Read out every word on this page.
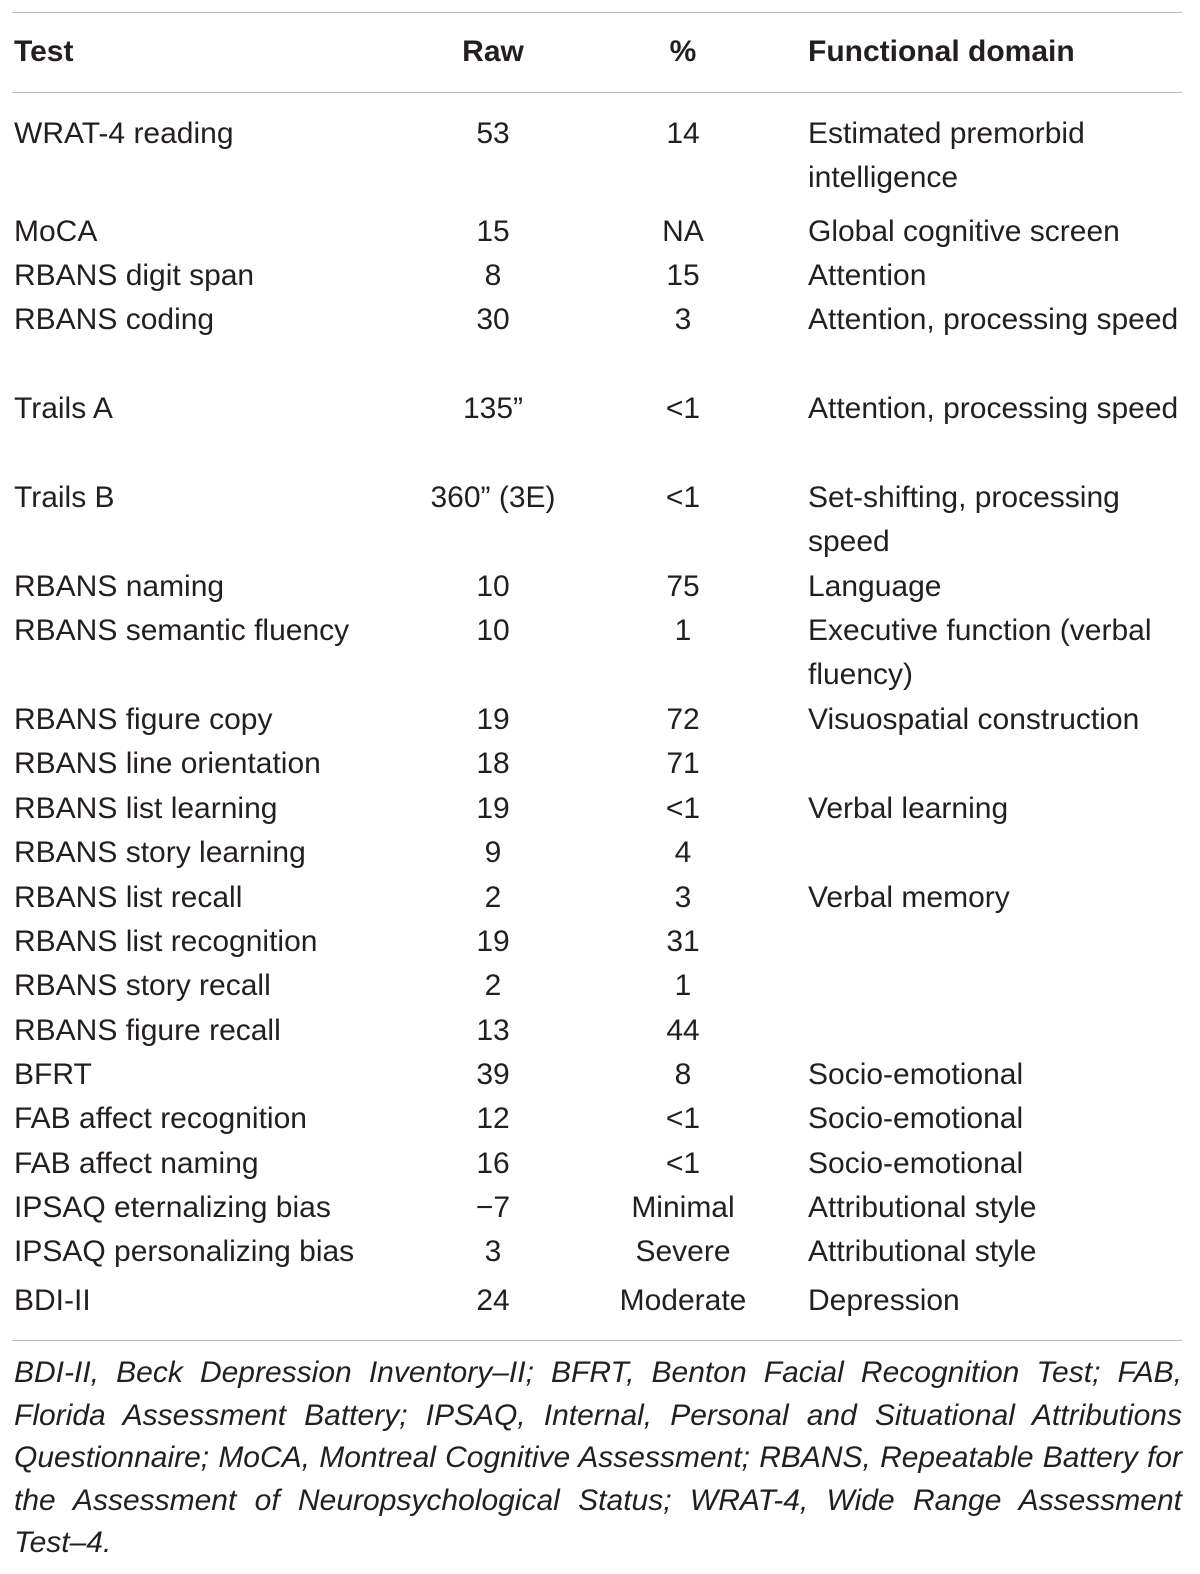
Test	Raw	%	Functional domain
WRAT-4 reading	53	14	Estimated premorbid intelligence
MoCA	15	NA	Global cognitive screen
RBANS digit span	8	15	Attention
RBANS coding	30	3	Attention, processing speed
Trails A	135”	<1	Attention, processing speed
Trails B	360” (3E)	<1	Set-shifting, processing speed
RBANS naming	10	75	Language
RBANS semantic fluency	10	1	Executive function (verbal fluency)
RBANS figure copy	19	72	Visuospatial construction
RBANS line orientation	18	71
RBANS list learning	19	<1	Verbal learning
RBANS story learning	9	4
RBANS list recall	2	3	Verbal memory
RBANS list recognition	19	31
RBANS story recall	2	1
RBANS figure recall	13	44
BFRT	39	8	Socio-emotional
FAB affect recognition	12	<1	Socio-emotional
FAB affect naming	16	<1	Socio-emotional
IPSAQ eternalizing bias	−7	Minimal	Attributional style
IPSAQ personalizing bias	3	Severe	Attributional style
BDI-II	24	Moderate	Depression
BDI-II, Beck Depression Inventory–II; BFRT, Benton Facial Recognition Test; FAB, Florida Assessment Battery; IPSAQ, Internal, Personal and Situational Attributions Questionnaire; MoCA, Montreal Cognitive Assessment; RBANS, Repeatable Battery for the Assessment of Neuropsychological Status; WRAT-4, Wide Range Assessment Test–4.
